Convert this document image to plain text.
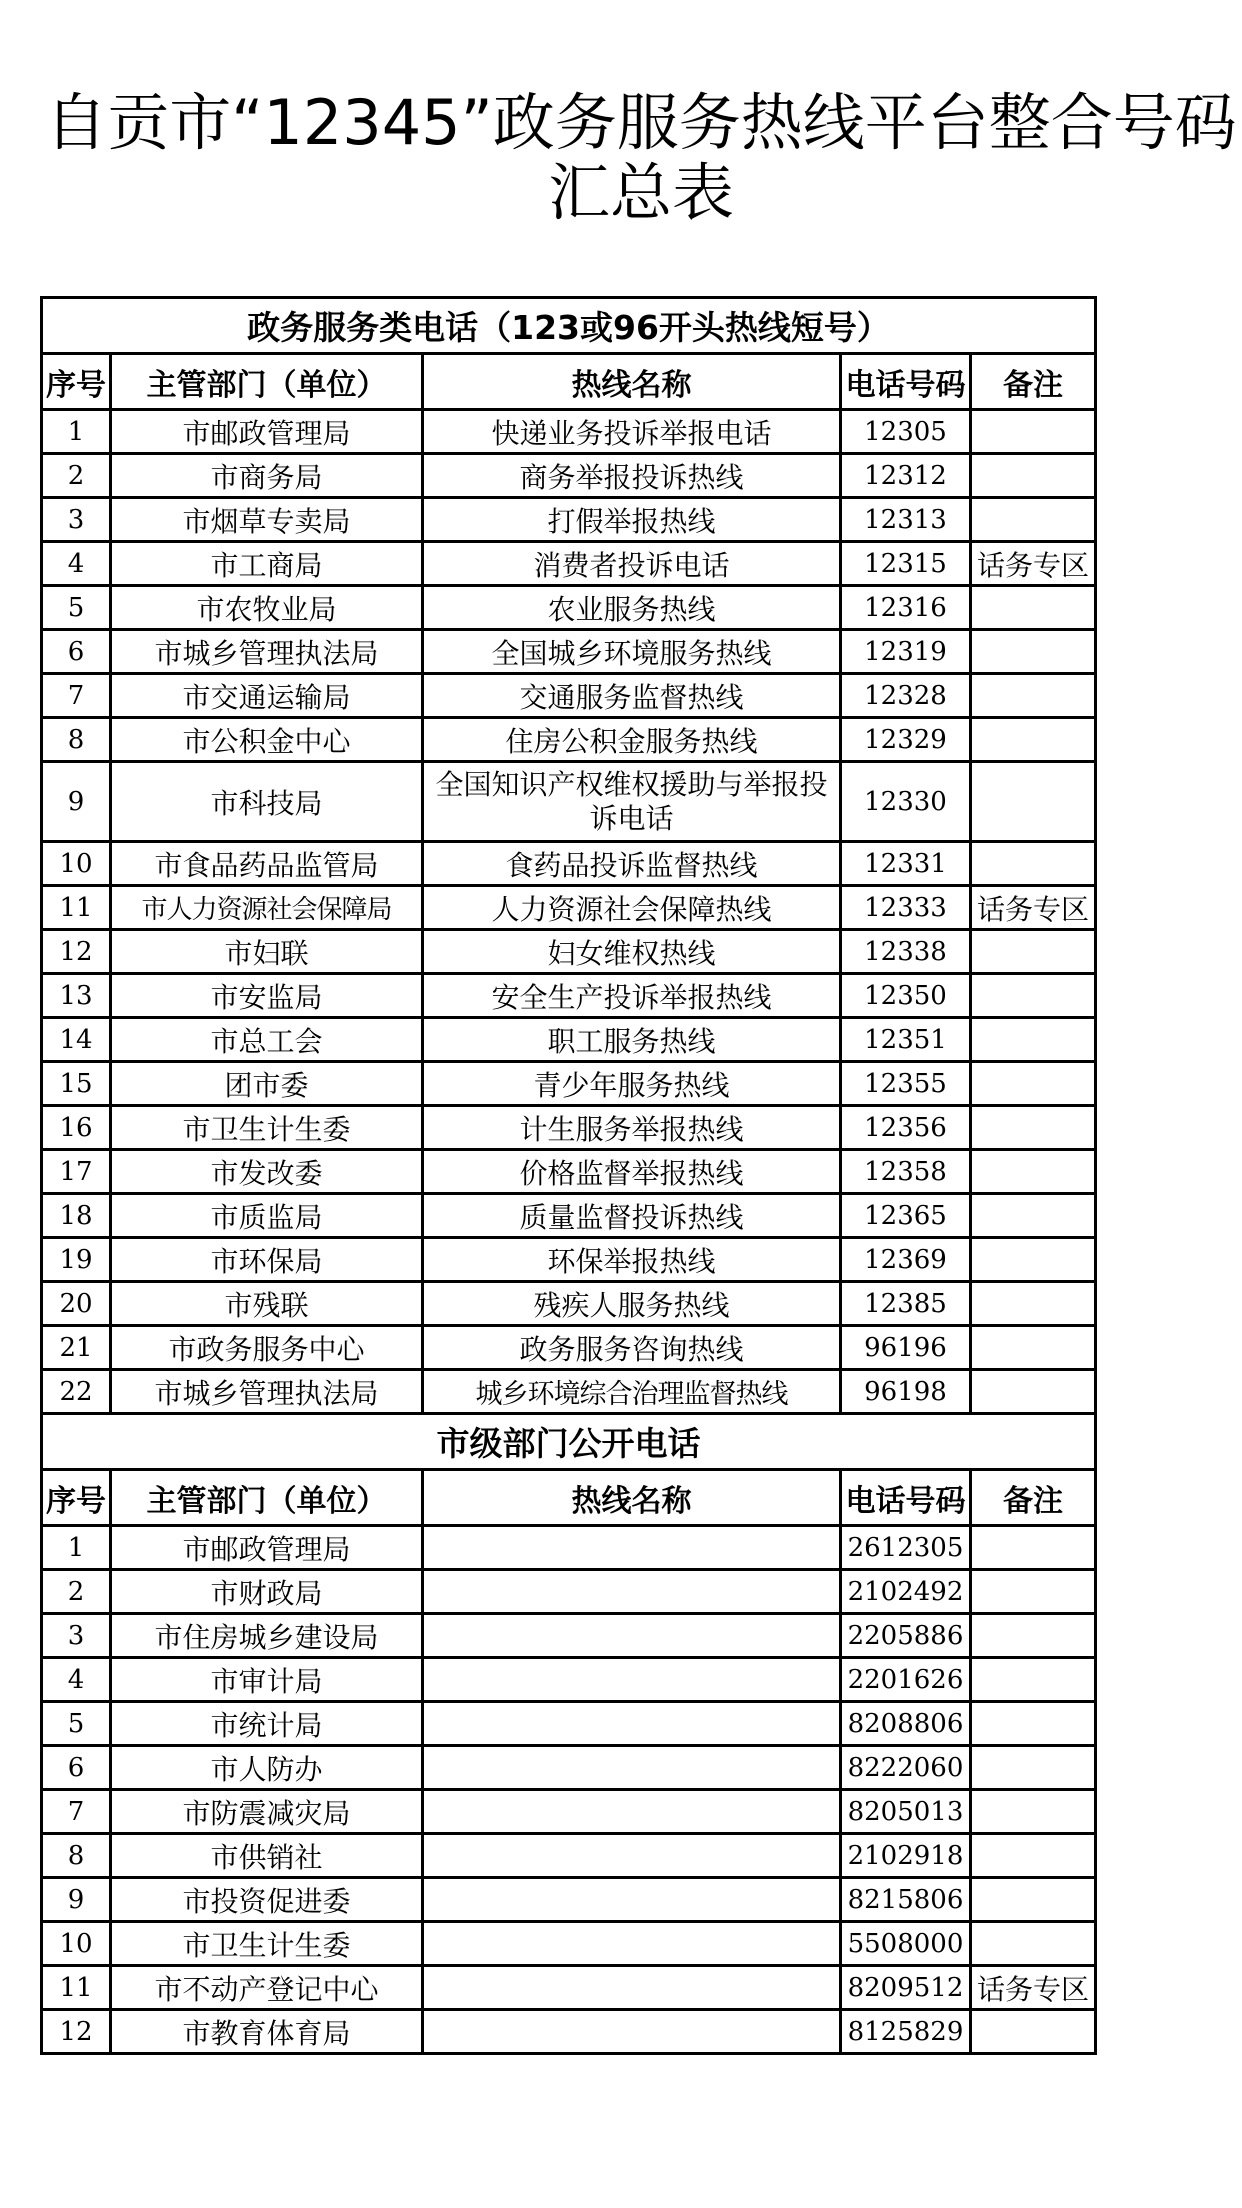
自贡市“12345”政务服务热线平台整合号码
汇总表
政务服务类电话（123或96开头热线短号）				
序号	主管部门（单位）	热线名称	电话号码	备注
1	市邮政管理局	快递业务投诉举报电话	12305	
2	市商务局	商务举报投诉热线	12312	
3	市烟草专卖局	打假举报热线	12313	
4	市工商局	消费者投诉电话	12315	话务专区
5	市农牧业局	农业服务热线	12316	
6	市城乡管理执法局	全国城乡环境服务热线	12319	
7	市交通运输局	交通服务监督热线	12328	
8	市公积金中心	住房公积金服务热线	12329	
9	市科技局	全国知识产权维权援助与举报投诉电话	12330	
10	市食品药品监管局	食药品投诉监督热线	12331	
11	市人力资源社会保障局	人力资源社会保障热线	12333	话务专区
12	市妇联	妇女维权热线	12338	
13	市安监局	安全生产投诉举报热线	12350	
14	市总工会	职工服务热线	12351	
15	团市委	青少年服务热线	12355	
16	市卫生计生委	计生服务举报热线	12356	
17	市发改委	价格监督举报热线	12358	
18	市质监局	质量监督投诉热线	12365	
19	市环保局	环保举报热线	12369	
20	市残联	残疾人服务热线	12385	
21	市政务服务中心	政务服务咨询热线	96196	
22	市城乡管理执法局	城乡环境综合治理监督热线	96198	
市级部门公开电话				
序号	主管部门（单位）	热线名称	电话号码	备注
1	市邮政管理局		2612305	
2	市财政局		2102492	
3	市住房城乡建设局		2205886	
4	市审计局		2201626	
5	市统计局		8208806	
6	市人防办		8222060	
7	市防震减灾局		8205013	
8	市供销社		2102918	
9	市投资促进委		8215806	
10	市卫生计生委		5508000	
11	市不动产登记中心		8209512	话务专区
12	市教育体育局		8125829	
